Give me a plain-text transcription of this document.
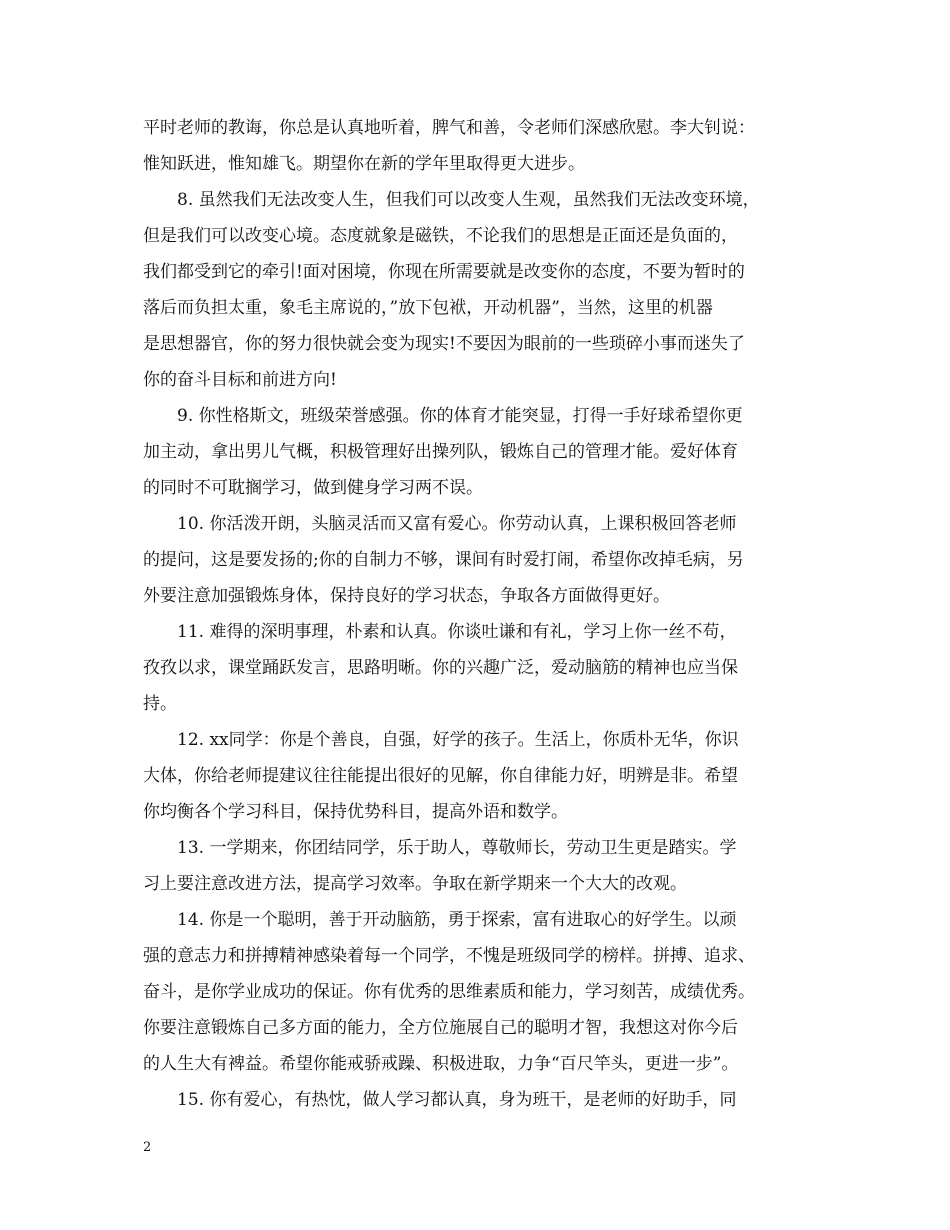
平时老师的教诲，你总是认真地听着，脾气和善，令老师们深感欣慰。李大钊说：
惟知跃进，惟知雄飞。期望你在新的学年里取得更大进步。
8. 虽然我们无法改变人生，但我们可以改变人生观，虽然我们无法改变环境，
但是我们可以改变心境。态度就象是磁铁，不论我们的思想是正面还是负面的，
我们都受到它的牵引!面对困境，你现在所需要就是改变你的态度，不要为暂时的
落后而负担太重，象毛主席说的，”放下包袱，开动机器”，当然，这里的机器
是思想器官，你的努力很快就会变为现实!不要因为眼前的一些琐碎小事而迷失了
你的奋斗目标和前进方向!
9. 你性格斯文，班级荣誉感强。你的体育才能突显，打得一手好球希望你更
加主动，拿出男儿气概，积极管理好出操列队，锻炼自己的管理才能。爱好体育
的同时不可耽搁学习，做到健身学习两不误。
10. 你活泼开朗，头脑灵活而又富有爱心。你劳动认真，上课积极回答老师
的提问，这是要发扬的;你的自制力不够，课间有时爱打闹，希望你改掉毛病，另
外要注意加强锻炼身体，保持良好的学习状态，争取各方面做得更好。
11. 难得的深明事理，朴素和认真。你谈吐谦和有礼，学习上你一丝不苟，
孜孜以求，课堂踊跃发言，思路明晰。你的兴趣广泛，爱动脑筋的精神也应当保
持。
12. xx同学：你是个善良，自强，好学的孩子。生活上，你质朴无华，你识
大体，你给老师提建议往往能提出很好的见解，你自律能力好，明辨是非。希望
你均衡各个学习科目，保持优势科目，提高外语和数学。
13. 一学期来，你团结同学，乐于助人，尊敬师长，劳动卫生更是踏实。学
习上要注意改进方法，提高学习效率。争取在新学期来一个大大的改观。
14. 你是一个聪明，善于开动脑筋，勇于探索，富有进取心的好学生。以顽
强的意志力和拼搏精神感染着每一个同学，不愧是班级同学的榜样。拼搏、追求、
奋斗，是你学业成功的保证。你有优秀的思维素质和能力，学习刻苦，成绩优秀。
你要注意锻炼自己多方面的能力，全方位施展自己的聪明才智，我想这对你今后
的人生大有裨益。希望你能戒骄戒躁、积极进取，力争“百尺竿头，更进一步”。
15. 你有爱心，有热忱，做人学习都认真，身为班干，是老师的好助手，同
2
